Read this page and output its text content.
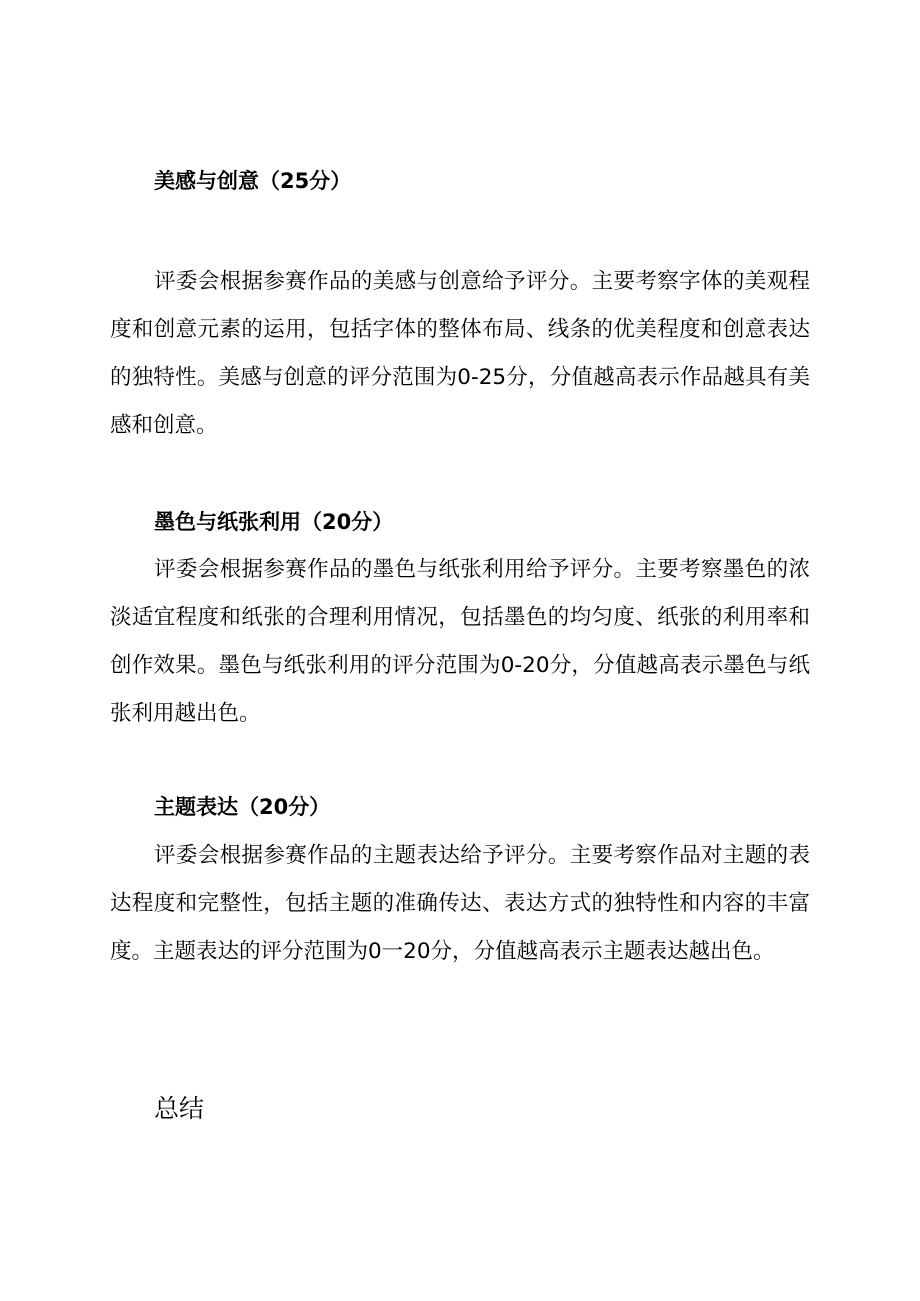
美感与创意（25分）

评委会根据参赛作品的美感与创意给予评分。主要考察字体的美观程度和创意元素的运用，包括字体的整体布局、线条的优美程度和创意表达的独特性。美感与创意的评分范围为0-25分，分值越高表示作品越具有美感和创意。

墨色与纸张利用（20分）

评委会根据参赛作品的墨色与纸张利用给予评分。主要考察墨色的浓淡适宜程度和纸张的合理利用情况，包括墨色的均匀度、纸张的利用率和创作效果。墨色与纸张利用的评分范围为0-20分，分值越高表示墨色与纸张利用越出色。

主题表达（20分）

评委会根据参赛作品的主题表达给予评分。主要考察作品对主题的表达程度和完整性，包括主题的准确传达、表达方式的独特性和内容的丰富度。主题表达的评分范围为0一20分，分值越高表示主题表达越出色。

总结
